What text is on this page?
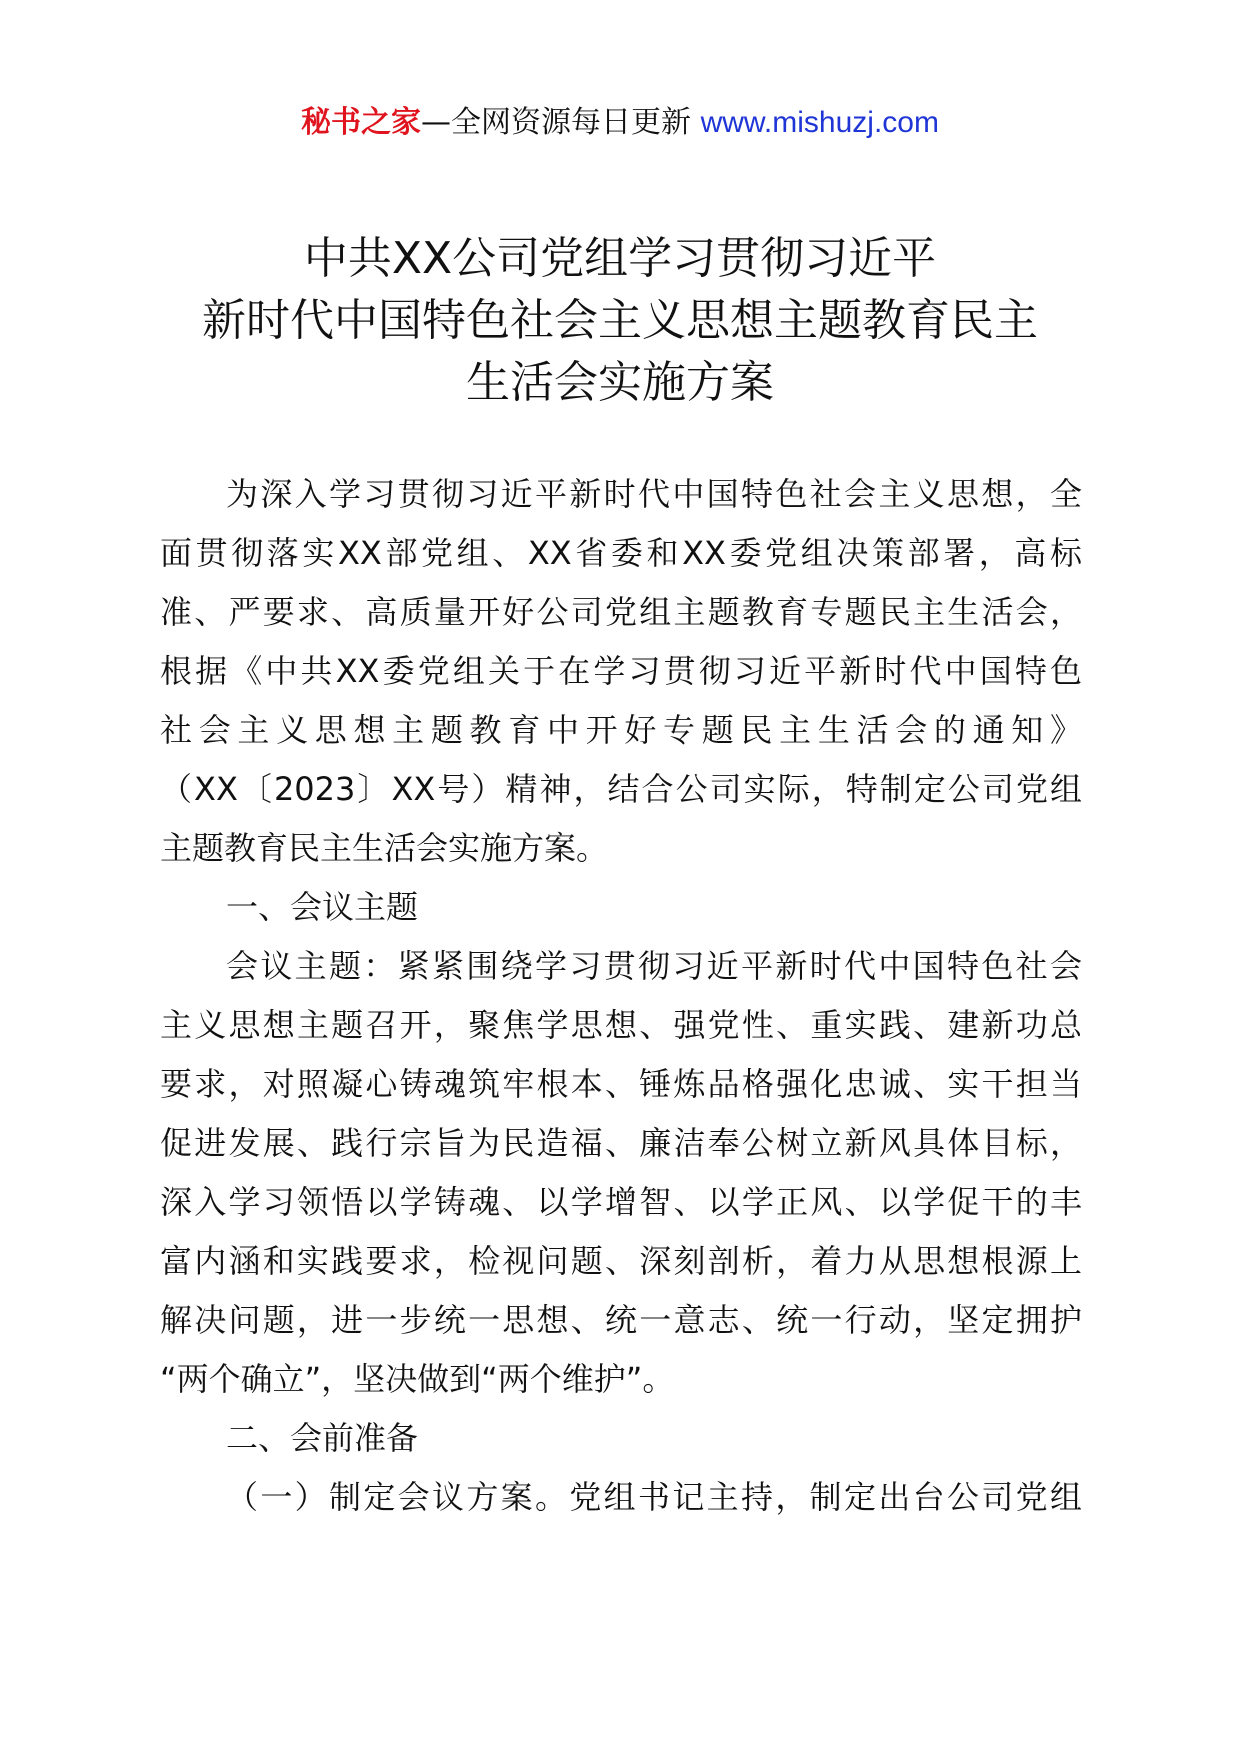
秘书之家—全网资源每日更新 www.mishuzj.com
中共XX公司党组学习贯彻习近平
新时代中国特色社会主义思想主题教育民主
生活会实施方案
为深入学习贯彻习近平新时代中国特色社会主义思想，全
面贯彻落实XX部党组、XX省委和XX委党组决策部署，高标
准、严要求、高质量开好公司党组主题教育专题民主生活会，
根据《中共XX委党组关于在学习贯彻习近平新时代中国特色
社会主义思想主题教育中开好专题民主生活会的通知》
（XX〔2023〕XX号）精神，结合公司实际，特制定公司党组
主题教育民主生活会实施方案。
一、会议主题
会议主题：紧紧围绕学习贯彻习近平新时代中国特色社会
主义思想主题召开，聚焦学思想、强党性、重实践、建新功总
要求，对照凝心铸魂筑牢根本、锤炼品格强化忠诚、实干担当
促进发展、践行宗旨为民造福、廉洁奉公树立新风具体目标，
深入学习领悟以学铸魂、以学增智、以学正风、以学促干的丰
富内涵和实践要求，检视问题、深刻剖析，着力从思想根源上
解决问题，进一步统一思想、统一意志、统一行动，坚定拥护
“两个确立”，坚决做到“两个维护”。
二、会前准备
（一）制定会议方案。党组书记主持，制定出台公司党组
